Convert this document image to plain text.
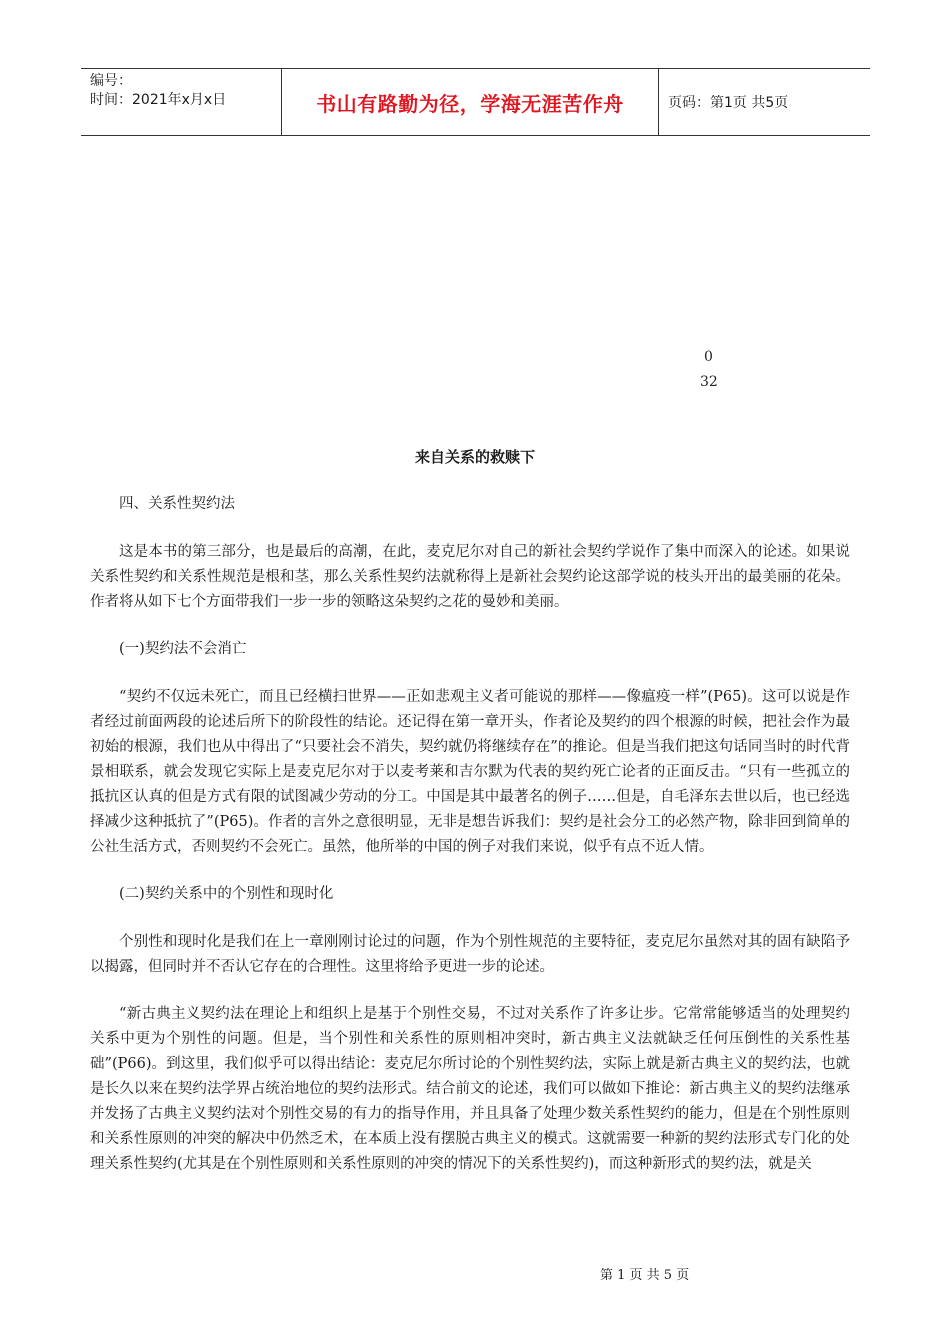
编号：
时间：2021年x月x日	书山有路勤为径，学海无涯苦作舟	页码：第1页 共5页
0
32
来自关系的救赎下

四、关系性契约法

这是本书的第三部分，也是最后的高潮，在此，麦克尼尔对自己的新社会契约学说作了集中而深入的论述。如果说关系性契约和关系性规范是根和茎，那么关系性契约法就称得上是新社会契约论这部学说的枝头开出的最美丽的花朵。作者将从如下七个方面带我们一步一步的领略这朵契约之花的曼妙和美丽。

(一)契约法不会消亡

“契约不仅远未死亡，而且已经横扫世界——正如悲观主义者可能说的那样——像瘟疫一样”(P65)。这可以说是作者经过前面两段的论述后所下的阶段性的结论。还记得在第一章开头，作者论及契约的四个根源的时候，把社会作为最初始的根源，我们也从中得出了“只要社会不消失，契约就仍将继续存在”的推论。但是当我们把这句话同当时的时代背景相联系，就会发现它实际上是麦克尼尔对于以麦考莱和吉尔默为代表的契约死亡论者的正面反击。“只有一些孤立的抵抗区认真的但是方式有限的试图减少劳动的分工。中国是其中最著名的例子……但是，自毛泽东去世以后，也已经选择减少这种抵抗了”(P65)。作者的言外之意很明显，无非是想告诉我们：契约是社会分工的必然产物，除非回到简单的公社生活方式，否则契约不会死亡。虽然，他所举的中国的例子对我们来说，似乎有点不近人情。

(二)契约关系中的个别性和现时化

个别性和现时化是我们在上一章刚刚讨论过的问题，作为个别性规范的主要特征，麦克尼尔虽然对其的固有缺陷予以揭露，但同时并不否认它存在的合理性。这里将给予更进一步的论述。

“新古典主义契约法在理论上和组织上是基于个别性交易，不过对关系作了许多让步。它常常能够适当的处理契约关系中更为个别性的问题。但是，当个别性和关系性的原则相冲突时，新古典主义法就缺乏任何压倒性的关系性基础”(P66)。到这里，我们似乎可以得出结论：麦克尼尔所讨论的个别性契约法，实际上就是新古典主义的契约法，也就是长久以来在契约法学界占统治地位的契约法形式。结合前文的论述，我们可以做如下推论：新古典主义的契约法继承并发扬了古典主义契约法对个别性交易的有力的指导作用，并且具备了处理少数关系性契约的能力，但是在个别性原则和关系性原则的冲突的解决中仍然乏术，在本质上没有摆脱古典主义的模式。这就需要一种新的契约法形式专门化的处理关系性契约(尤其是在个别性原则和关系性原则的冲突的情况下的关系性契约)，而这种新形式的契约法，就是关

第 1 页 共 5 页
